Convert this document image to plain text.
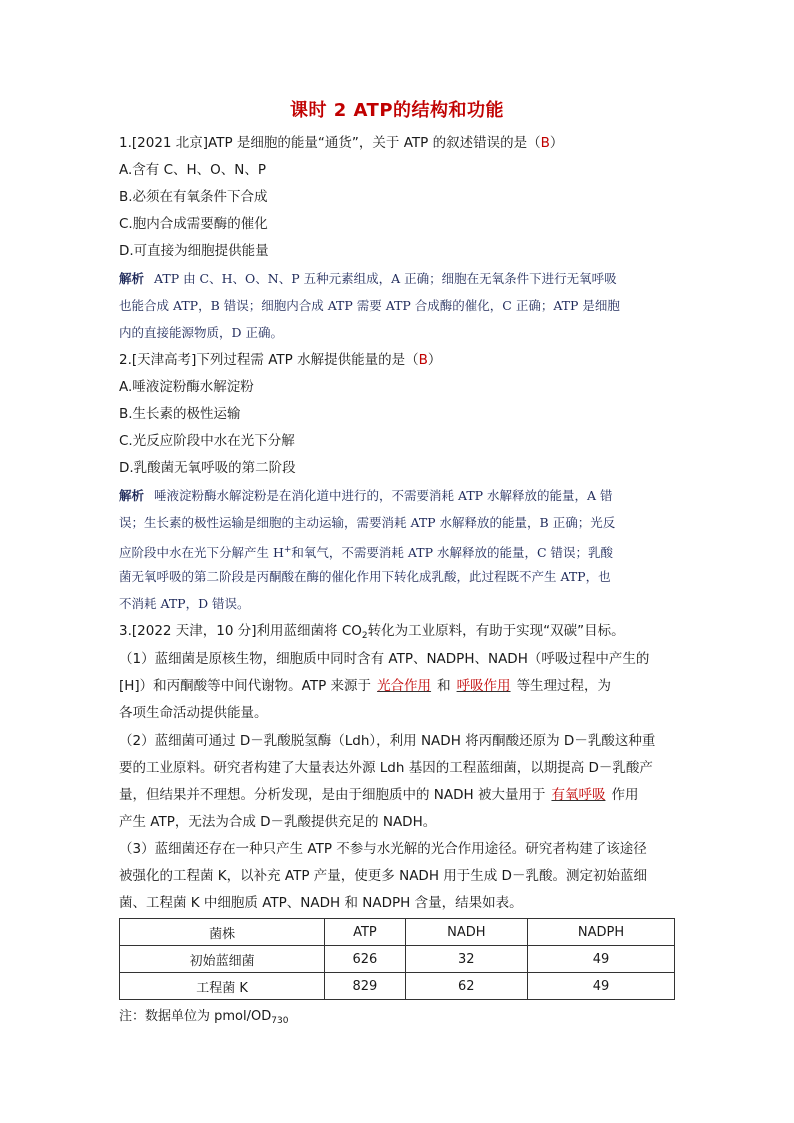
课时 2 ATP的结构和功能
1.[2021 北京]ATP 是细胞的能量“通货”，关于 ATP 的叙述错误的是（B）
A.含有 C、H、O、N、P
B.必须在有氧条件下合成
C.胞内合成需要酶的催化
D.可直接为细胞提供能量
解析 ATP 由 C、H、O、N、P 五种元素组成，A 正确；细胞在无氧条件下进行无氧呼吸
也能合成 ATP，B 错误；细胞内合成 ATP 需要 ATP 合成酶的催化，C 正确；ATP 是细胞
内的直接能源物质，D 正确。
2.[天津高考]下列过程需 ATP 水解提供能量的是（B）
A.唾液淀粉酶水解淀粉
B.生长素的极性运输
C.光反应阶段中水在光下分解
D.乳酸菌无氧呼吸的第二阶段
解析 唾液淀粉酶水解淀粉是在消化道中进行的，不需要消耗 ATP 水解释放的能量，A 错
误；生长素的极性运输是细胞的主动运输，需要消耗 ATP 水解释放的能量，B 正确；光反
应阶段中水在光下分解产生 H+和氧气，不需要消耗 ATP 水解释放的能量，C 错误；乳酸
菌无氧呼吸的第二阶段是丙酮酸在酶的催化作用下转化成乳酸，此过程既不产生 ATP，也
不消耗 ATP，D 错误。
3.[2022 天津，10 分]利用蓝细菌将 $CO_2$转化为工业原料，有助于实现“双碳”目标。
（1）蓝细菌是原核生物，细胞质中同时含有 ATP、NADPH、NADH（呼吸过程中产生的
[H]）和丙酮酸等中间代谢物。ATP 来源于 光合作用 和 呼吸作用 等生理过程，为
各项生命活动提供能量。
（2）蓝细菌可通过 D－乳酸脱氢酶（Ldh），利用 NADH 将丙酮酸还原为 D－乳酸这种重
要的工业原料。研究者构建了大量表达外源 Ldh 基因的工程蓝细菌，以期提高 D－乳酸产
量，但结果并不理想。分析发现，是由于细胞质中的 NADH 被大量用于 有氧呼吸 作用
产生 ATP，无法为合成 D－乳酸提供充足的 NADH。
（3）蓝细菌还存在一种只产生 ATP 不参与水光解的光合作用途径。研究者构建了该途径
被强化的工程菌 K，以补充 ATP 产量，使更多 NADH 用于生成 D－乳酸。测定初始蓝细
菌、工程菌 K 中细胞质 ATP、NADH 和 NADPH 含量，结果如表。
菌株	ATP	NADH	NADPH
初始蓝细菌	626	32	49
工程菌 K	829	62	49
注：数据单位为 pmol/$OD_{730}$
